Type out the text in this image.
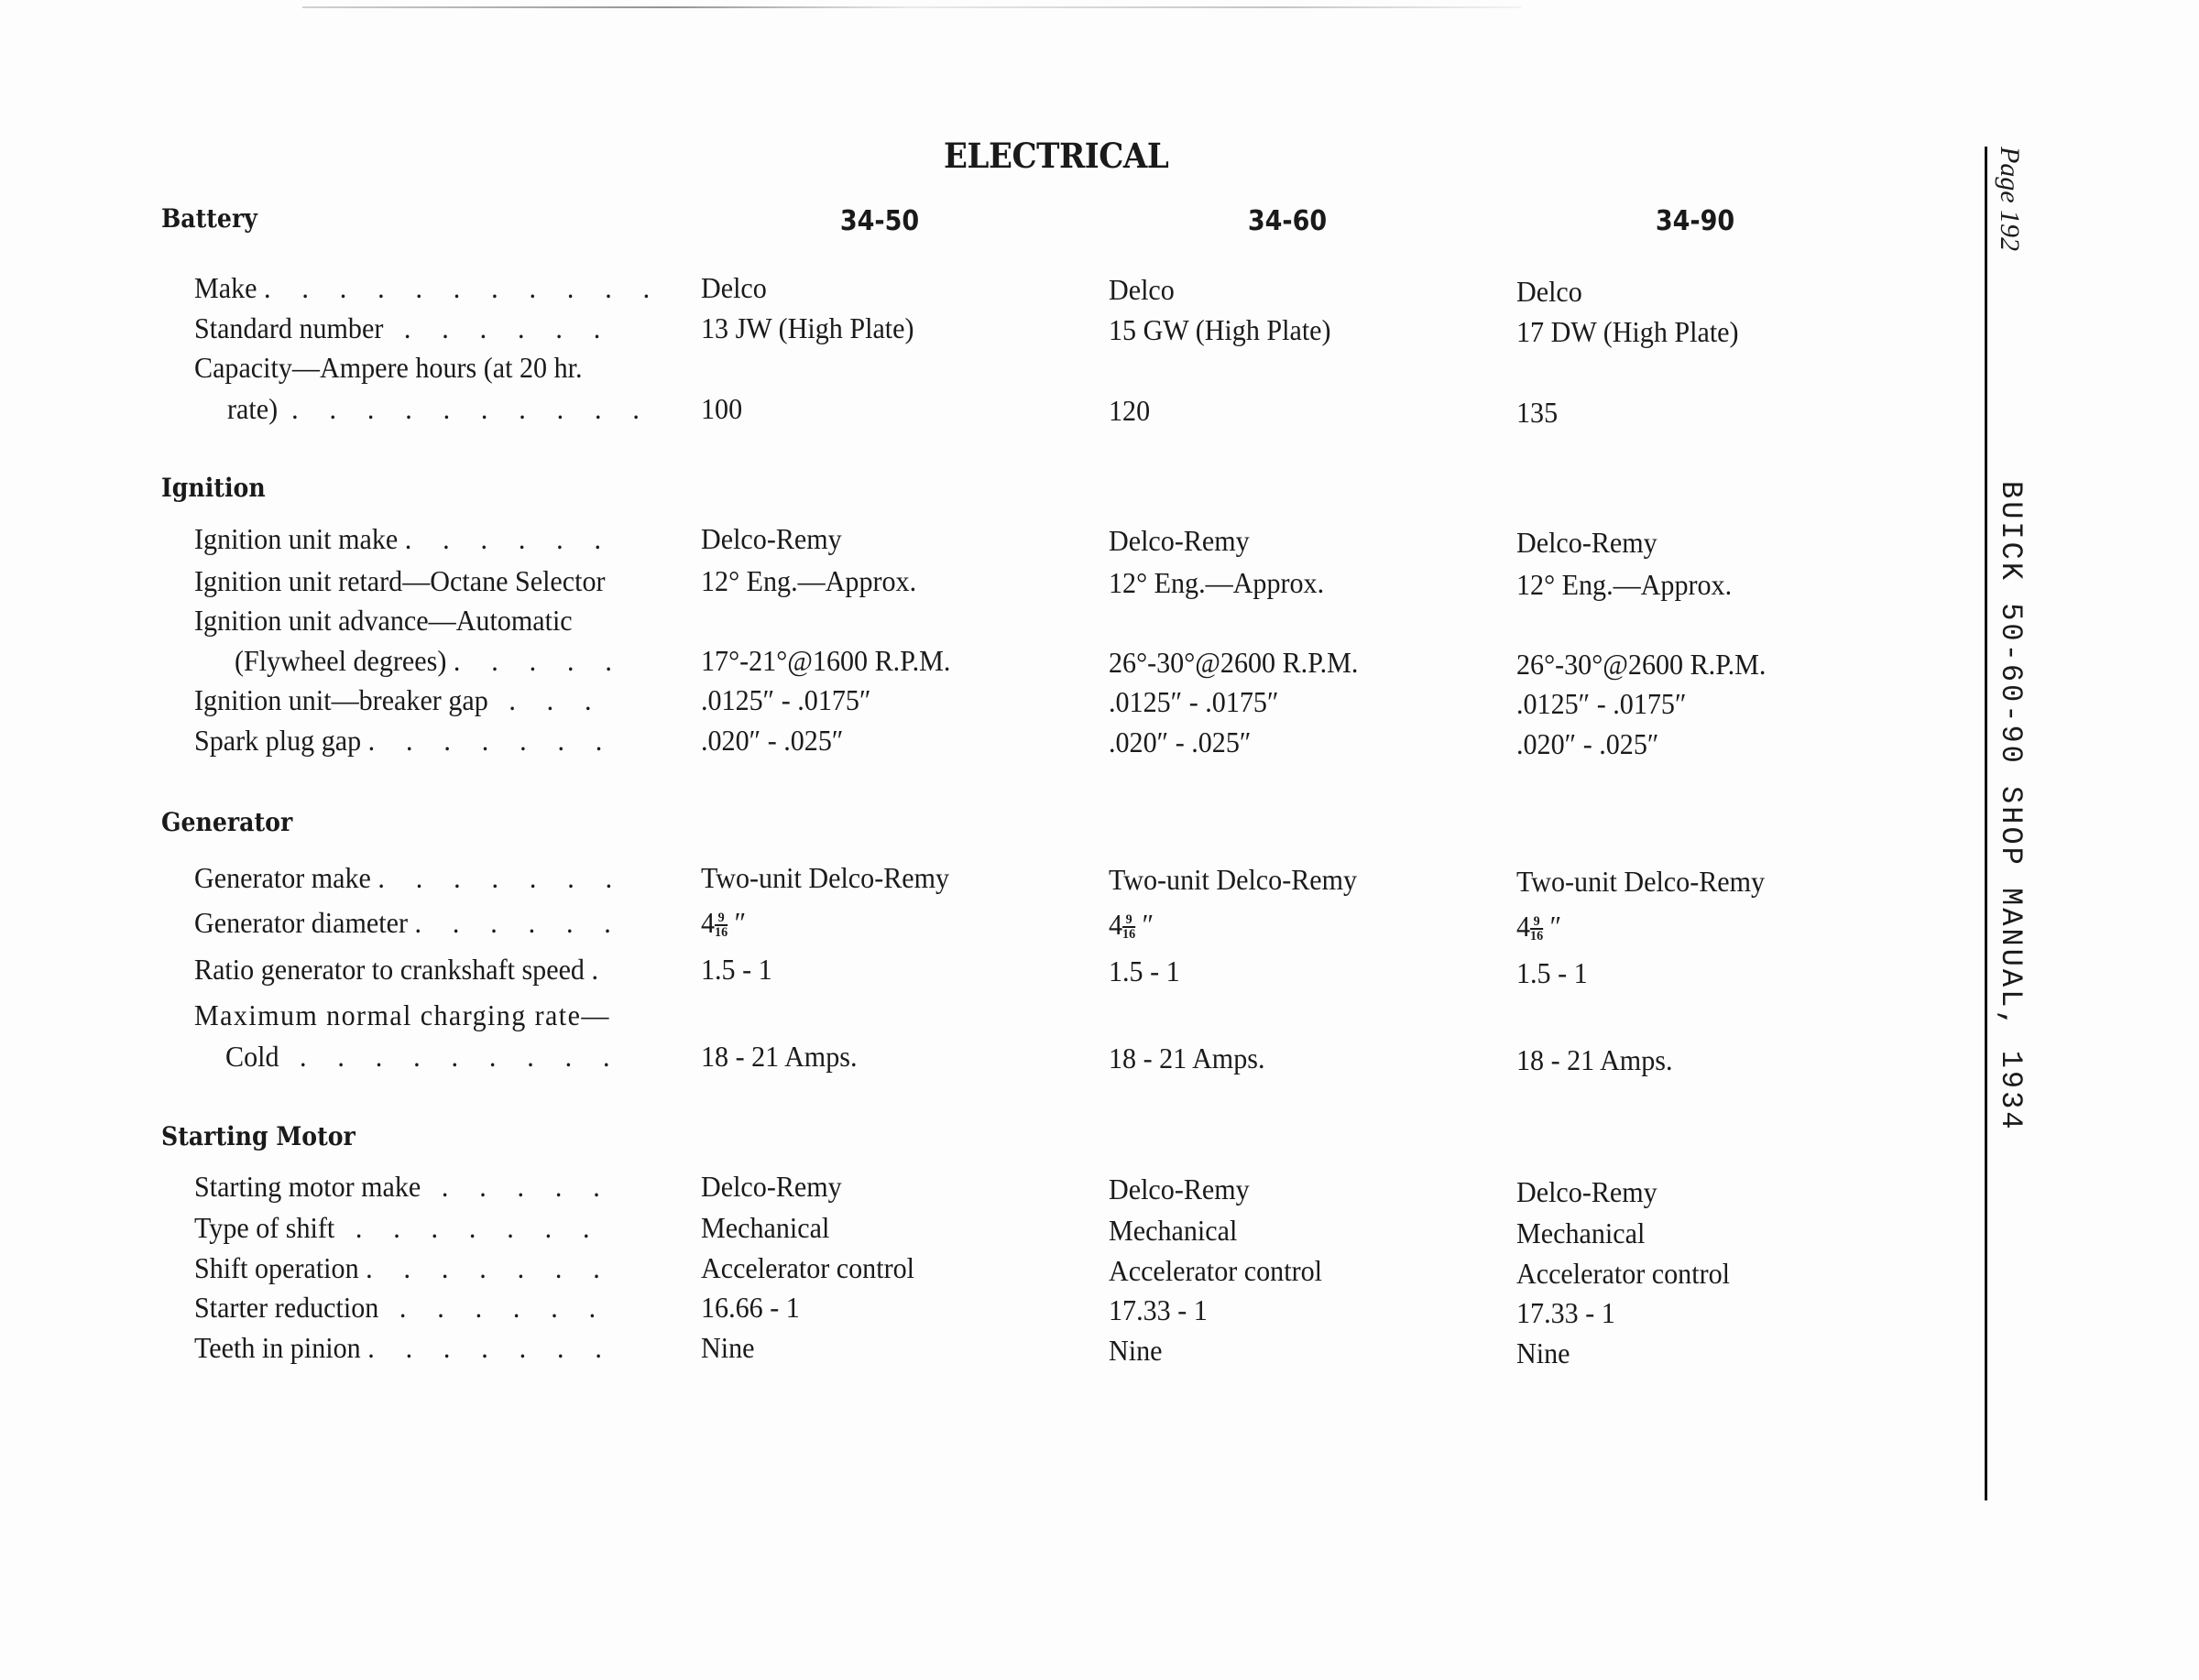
ELECTRICAL
34-50	34-60	34-90
Battery
Make . . . . . . . . . . . Delco	Delco	Delco
Standard number . . . . . .	13 JW (High Plate)	15 GW (High Plate)	17 DW (High Plate)
Capacity—Ampere hours (at 20 hr.
rate) . . . . . . . . . .	100	120	135
Ignition
Ignition unit make . . . . . .	Delco-Remy	Delco-Remy	Delco-Remy
Ignition unit retard—Octane Selector	12° Eng.—Approx.	12° Eng.—Approx.	12° Eng.—Approx.
Ignition unit advance—Automatic
(Flywheel degrees) . . . . .	17°-21°@1600 R.P.M.	26°-30°@2600 R.P.M.	26°-30°@2600 R.P.M.
Ignition unit—breaker gap . . .	.0125″ - .0175″	.0125″ - .0175″	.0125″ - .0175″
Spark plug gap . . . . . . .	.020″ - .025″	.020″ - .025″	.020″ - .025″
Generator
Generator make . . . . . . .	Two-unit Delco-Remy	Two-unit Delco-Remy	Two-unit Delco-Remy
Generator diameter . . . . . .	$4 \frac{9}{16}$ ″	$4 \frac{9}{16}$ ″	$4 \frac{9}{16}$ ″
Ratio generator to crankshaft speed .	1.5 - 1	1.5 - 1	1.5 - 1
Maximum normal charging rate—
Cold . . . . . . . . .	18 - 21 Amps.	18 - 21 Amps.	18 - 21 Amps.
Starting Motor
Starting motor make . . . . .	Delco-Remy	Delco-Remy	Delco-Remy
Type of shift . . . . . . .	Mechanical	Mechanical	Mechanical
Shift operation . . . . . . .	Accelerator control	Accelerator control	Accelerator control
Starter reduction . . . . . .	16.66 - 1	17.33 - 1	17.33 - 1
Teeth in pinion . . . . . . .	Nine	Nine	Nine
Page 192
BUICK 50-60-90 SHOP MANUAL, 1934
